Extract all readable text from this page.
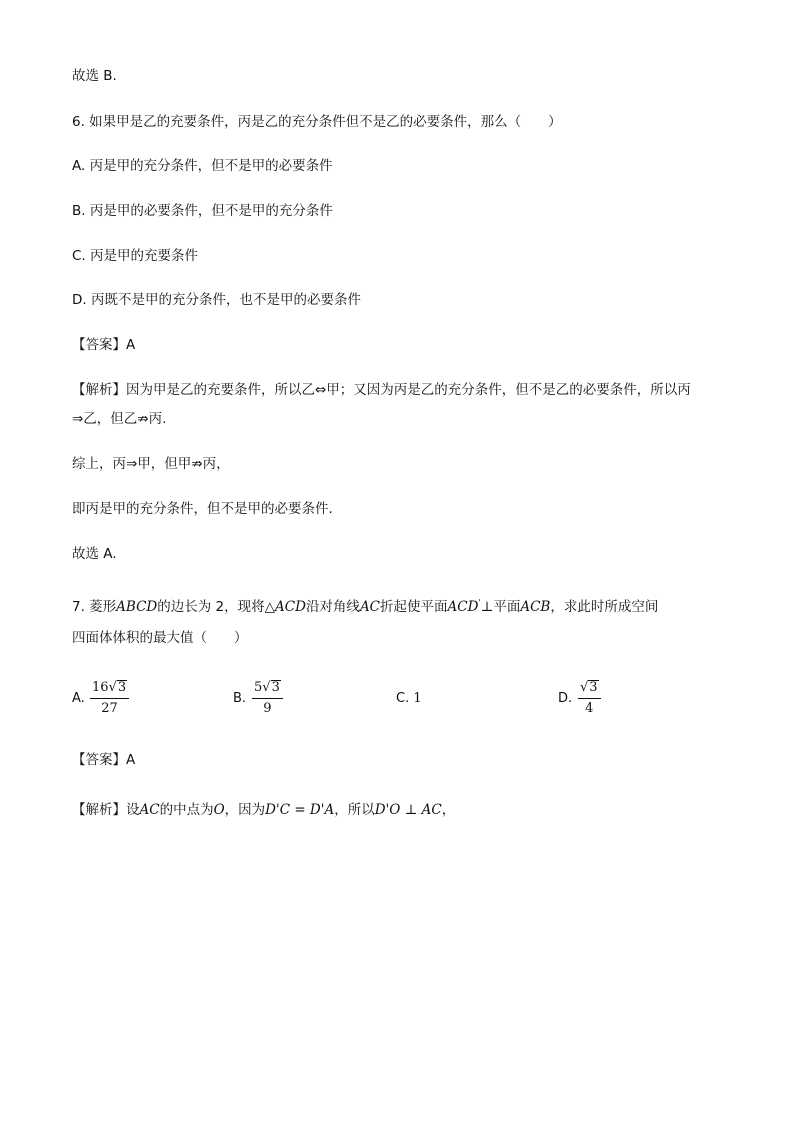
故选 B.
6. 如果甲是乙的充要条件，丙是乙的充分条件但不是乙的必要条件，那么（　　）
A. 丙是甲的充分条件，但不是甲的必要条件
B. 丙是甲的必要条件，但不是甲的充分条件
C. 丙是甲的充要条件
D. 丙既不是甲的充分条件，也不是甲的必要条件
【答案】A
【解析】因为甲是乙的充要条件，所以乙⇔甲；又因为丙是乙的充分条件，但不是乙的必要条件，所以丙
⇒乙，但乙⇏丙.
综上，丙⇒甲，但甲⇏丙，
即丙是甲的充分条件，但不是甲的必要条件.
故选 A.
7. 菱形ABCD的边长为 2，现将△ACD沿对角线AC折起使平面ACD'⊥平面ACB，求此时所成空间
四面体体积的最大值（　　）
A. $\frac{16√3}{27}$	B. $\frac{5√3}{9}$	C. 1	D. $\frac{√3}{4}$
【答案】A
【解析】设AC的中点为O，因为D'C = D'A，所以D'O ⊥ AC，
